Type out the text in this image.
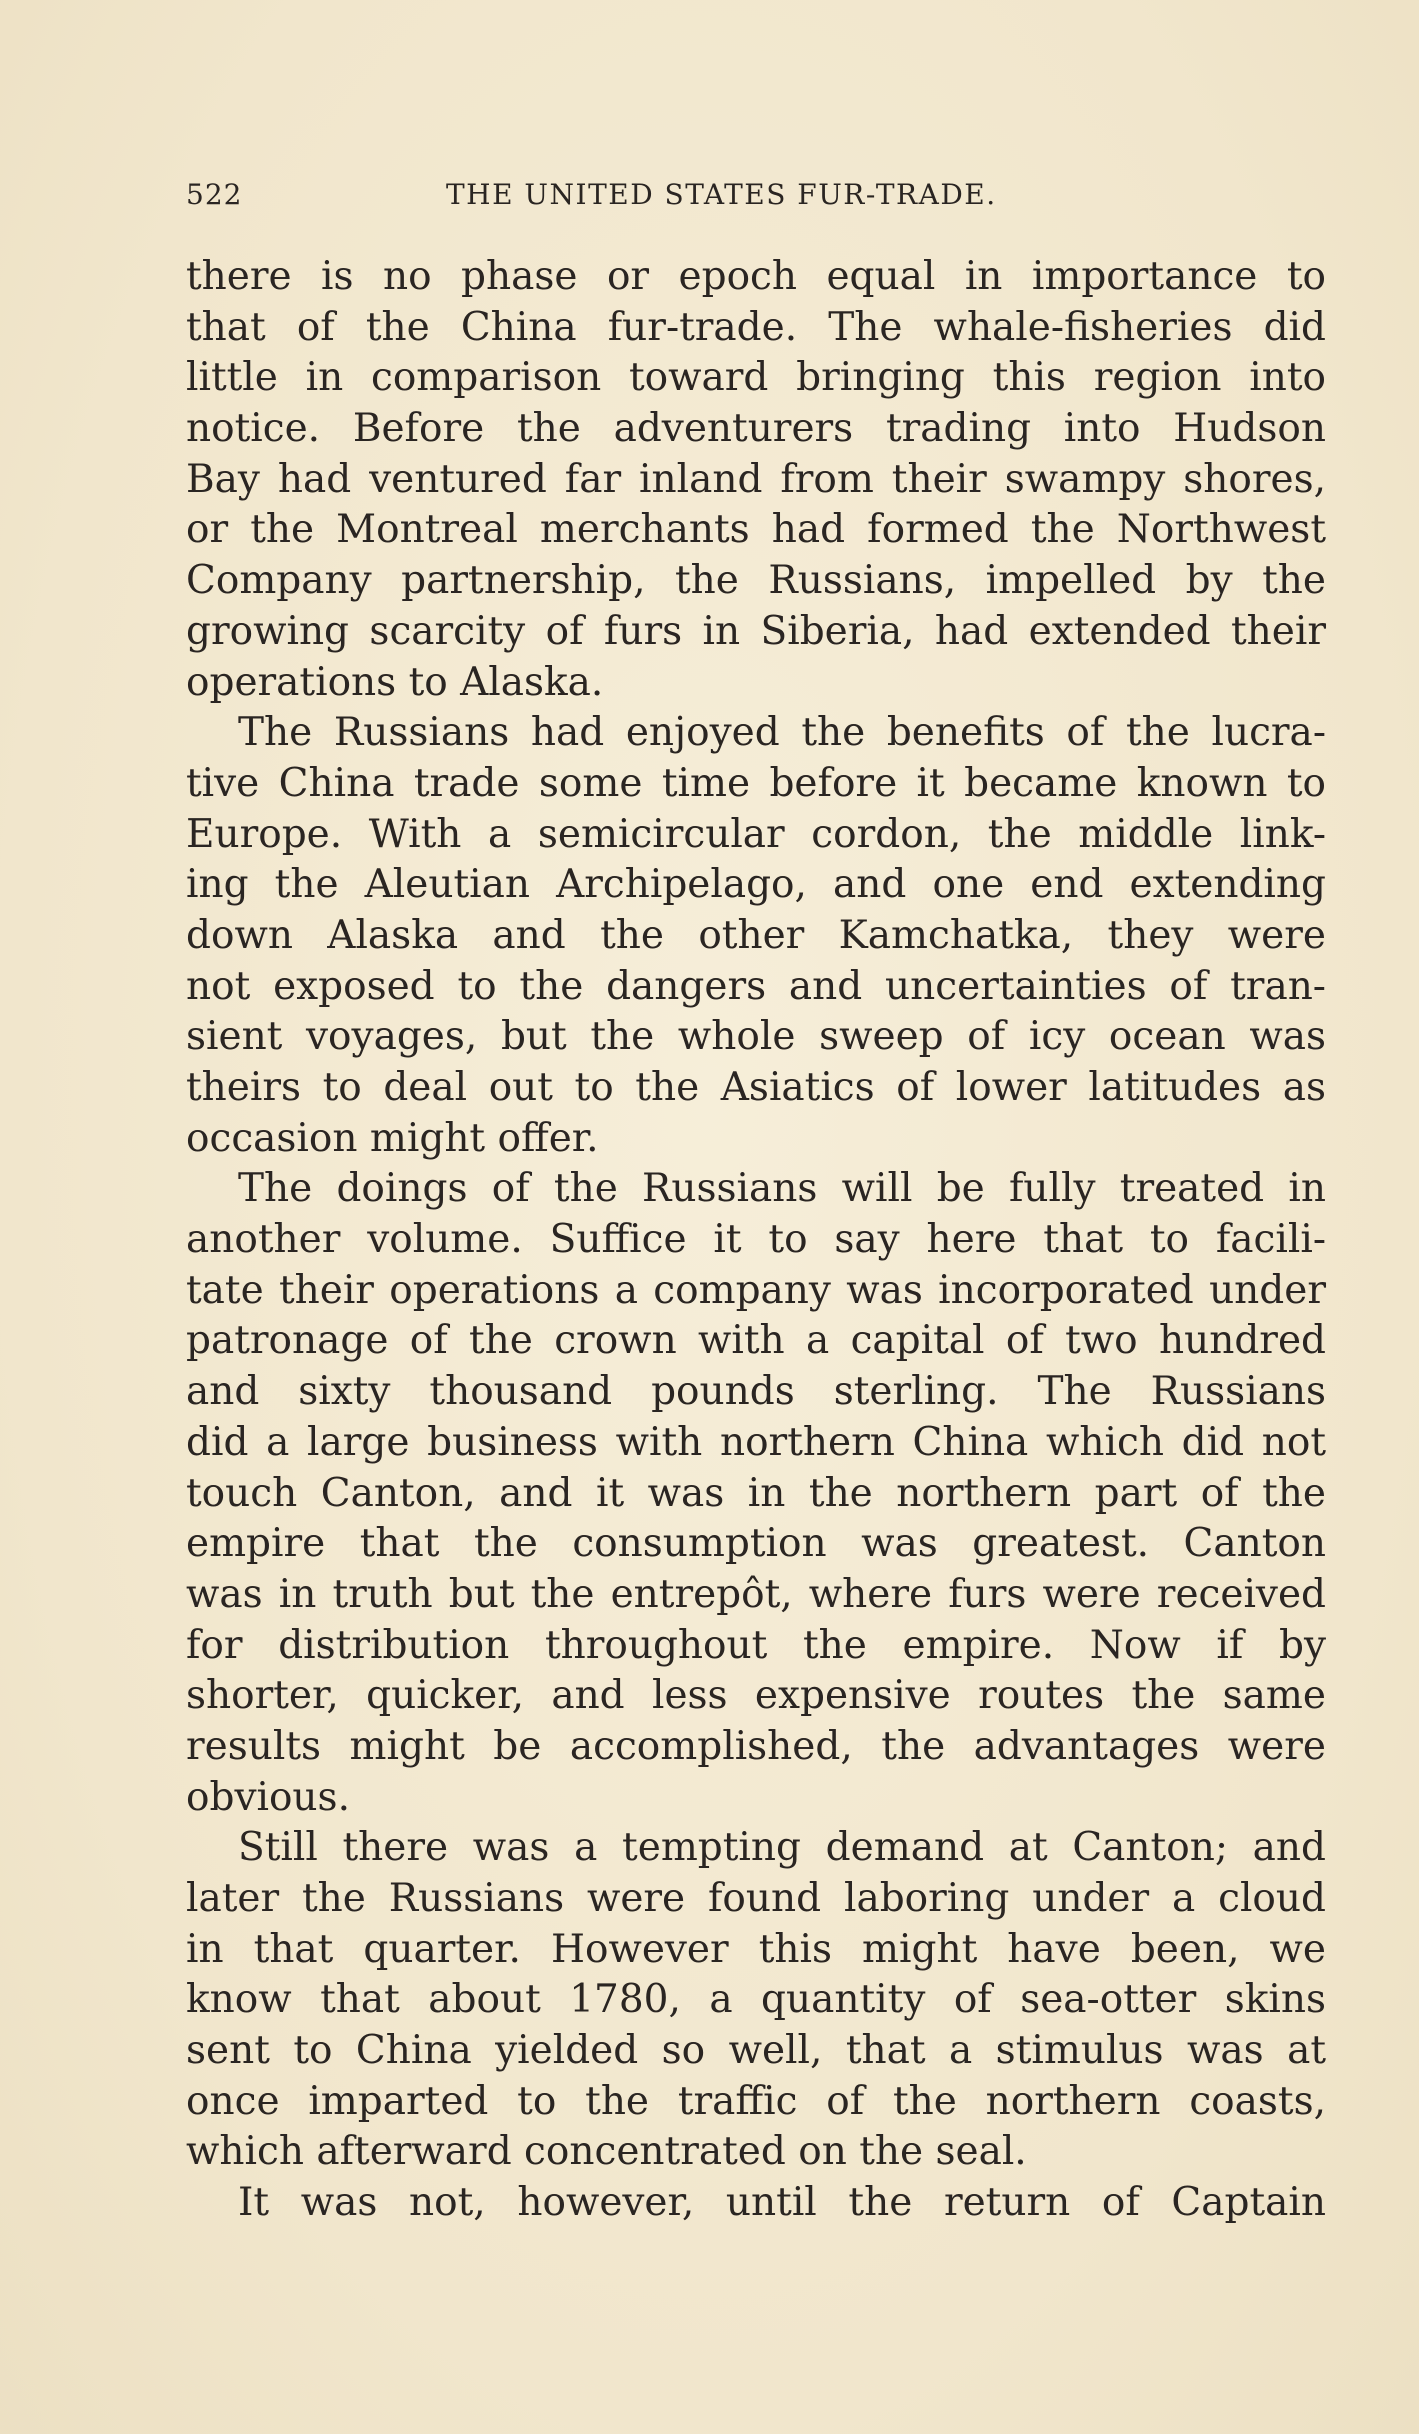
522	THE UNITED STATES FUR-TRADE.
there is no phase or epoch equal in importance to
that of the China fur-trade. The whale-fisheries did
little in comparison toward bringing this region into
notice. Before the adventurers trading into Hudson
Bay had ventured far inland from their swampy shores,
or the Montreal merchants had formed the Northwest
Company partnership, the Russians, impelled by the
growing scarcity of furs in Siberia, had extended their
operations to Alaska.
The Russians had enjoyed the benefits of the lucra-
tive China trade some time before it became known to
Europe. With a semicircular cordon, the middle link-
ing the Aleutian Archipelago, and one end extending
down Alaska and the other Kamchatka, they were
not exposed to the dangers and uncertainties of tran-
sient voyages, but the whole sweep of icy ocean was
theirs to deal out to the Asiatics of lower latitudes as
occasion might offer.
The doings of the Russians will be fully treated in
another volume. Suffice it to say here that to facili-
tate their operations a company was incorporated under
patronage of the crown with a capital of two hundred
and sixty thousand pounds sterling. The Russians
did a large business with northern China which did not
touch Canton, and it was in the northern part of the
empire that the consumption was greatest. Canton
was in truth but the entrepôt, where furs were received
for distribution throughout the empire. Now if by
shorter, quicker, and less expensive routes the same
results might be accomplished, the advantages were
obvious.
Still there was a tempting demand at Canton; and
later the Russians were found laboring under a cloud
in that quarter. However this might have been, we
know that about 1780, a quantity of sea-otter skins
sent to China yielded so well, that a stimulus was at
once imparted to the traffic of the northern coasts,
which afterward concentrated on the seal.
It was not, however, until the return of Captain
